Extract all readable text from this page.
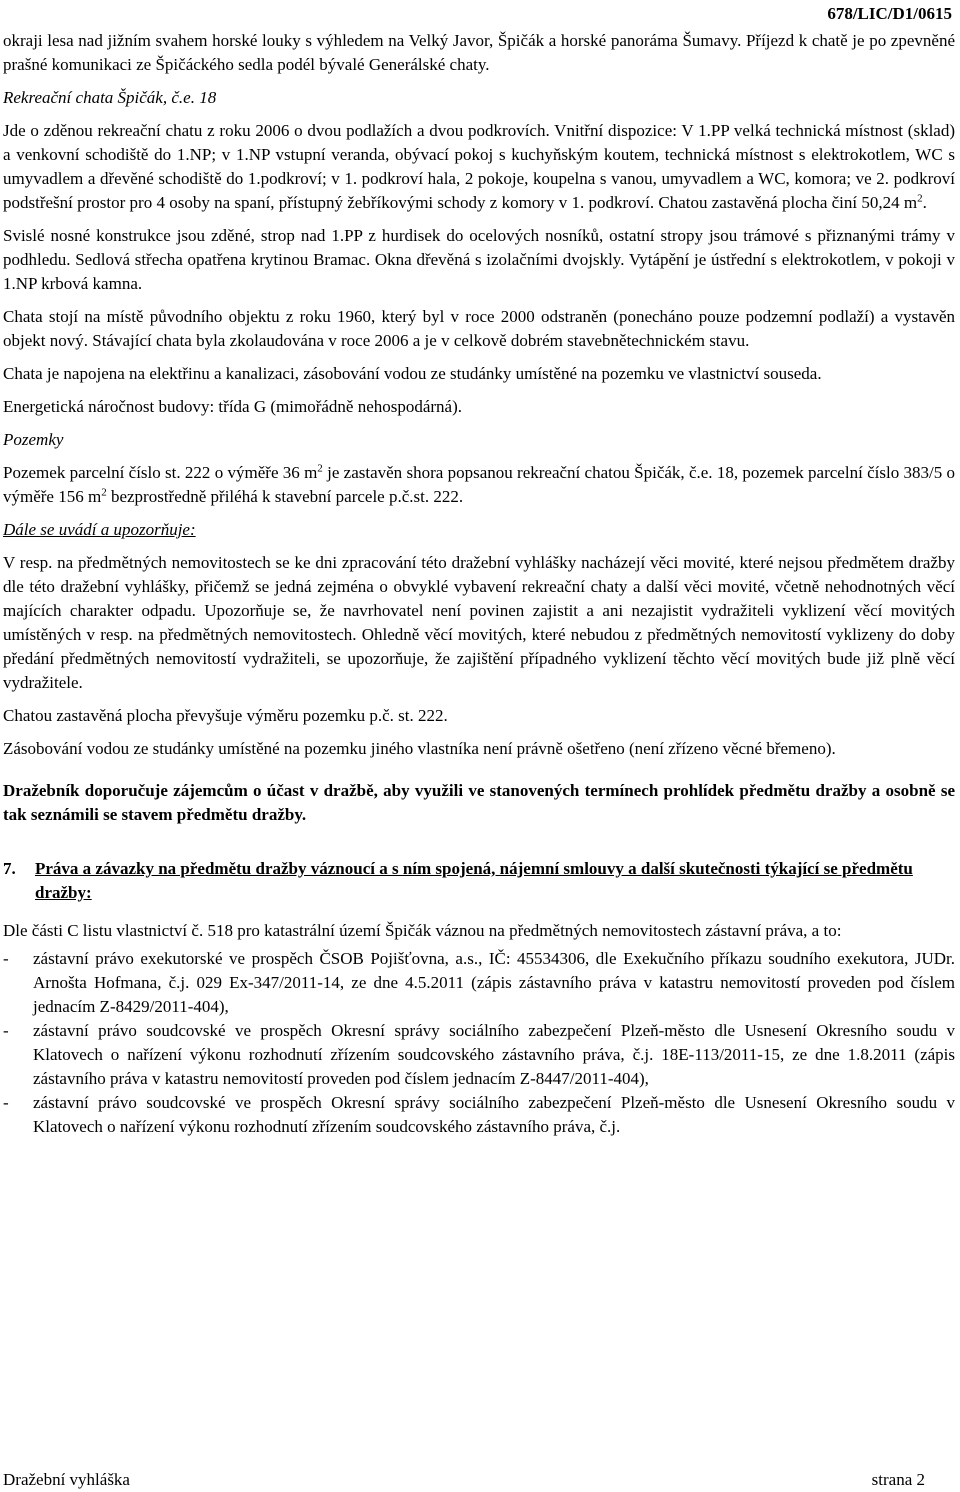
678/LIC/D1/0615

okraji lesa nad jižním svahem horské louky s výhledem na Velký Javor, Špičák a horské panoráma Šumavy. Příjezd k chatě je po zpevněné prašné komunikaci ze Špičáckého sedla podél bývalé Generálské chaty.

Rekreační chata Špičák, č.e. 18

Jde o zděnou rekreační chatu z roku 2006 o dvou podlažích a dvou podkrovích. Vnitřní dispozice: V 1.PP velká technická místnost (sklad) a venkovní schodiště do 1.NP; v 1.NP vstupní veranda, obývací pokoj s kuchyňským koutem, technická místnost s elektrokotlem, WC s umyvadlem a dřevěné schodiště do 1.podkroví; v 1. podkroví hala, 2 pokoje, koupelna s vanou, umyvadlem a WC, komora; ve 2. podkroví podstřešní prostor pro 4 osoby na spaní, přístupný žebříkovými schody z komory v 1. podkroví. Chatou zastavěná plocha činí 50,24 $m^2$.

Svislé nosné konstrukce jsou zděné, strop nad 1.PP z hurdisek do ocelových nosníků, ostatní stropy jsou trámové s přiznanými trámy v podhledu. Sedlová střecha opatřena krytinou Bramac. Okna dřevěná s izolačními dvojskly. Vytápění je ústřední s elektrokotlem, v pokoji v 1.NP krbová kamna.

Chata stojí na místě původního objektu z roku 1960, který byl v roce 2000 odstraněn (ponecháno pouze podzemní podlaží) a vystavěn objekt nový. Stávající chata byla zkolaudována v roce 2006 a je v celkově dobrém stavebnětechnickém stavu.

Chata je napojena na elektřinu a kanalizaci, zásobování vodou ze studánky umístěné na pozemku ve vlastnictví souseda.

Energetická náročnost budovy: třída G (mimořádně nehospodárná).

Pozemky

Pozemek parcelní číslo st. 222 o výměře 36 $m^2$ je zastavěn shora popsanou rekreační chatou Špičák, č.e. 18, pozemek parcelní číslo 383/5 o výměře 156 $m^2$ bezprostředně přiléhá k stavební parcele p.č.st. 222.

Dále se uvádí a upozorňuje:

V resp. na předmětných nemovitostech se ke dni zpracování této dražební vyhlášky nacházejí věci movité, které nejsou předmětem dražby dle této dražební vyhlášky, přičemž se jedná zejména o obvyklé vybavení rekreační chaty a další věci movité, včetně nehodnotných věcí majících charakter odpadu. Upozorňuje se, že navrhovatel není povinen zajistit a ani nezajistit vydražiteli vyklizení věcí movitých umístěných v resp. na předmětných nemovitostech. Ohledně věcí movitých, které nebudou z předmětných nemovitostí vyklizeny do doby předání předmětných nemovitostí vydražiteli, se upozorňuje, že zajištění případného vyklizení těchto věcí movitých bude již plně věcí vydražitele.

Chatou zastavěná plocha převyšuje výměru pozemku p.č. st. 222.

Zásobování vodou ze studánky umístěné na pozemku jiného vlastníka není právně ošetřeno (není zřízeno věcné břemeno).

Dražebník doporučuje zájemcům o účast v dražbě, aby využili ve stanovených termínech prohlídek předmětu dražby a osobně se tak seznámili se stavem předmětu dražby.

7.	Práva a závazky na předmětu dražby váznoucí a s ním spojená, nájemní smlouvy a další skutečnosti týkající se předmětu dražby:

Dle části C listu vlastnictví č. 518 pro katastrální území Špičák váznou na předmětných nemovitostech zástavní práva, a to:

-	zástavní právo exekutorské ve prospěch ČSOB Pojišťovna, a.s., IČ: 45534306, dle Exekučního příkazu soudního exekutora, JUDr. Arnošta Hofmana, č.j. 029 Ex-347/2011-14, ze dne 4.5.2011 (zápis zástavního práva v katastru nemovitostí proveden pod číslem jednacím Z-8429/2011-404),
-	zástavní právo soudcovské ve prospěch Okresní správy sociálního zabezpečení Plzeň-město dle Usnesení Okresního soudu v Klatovech o nařízení výkonu rozhodnutí zřízením soudcovského zástavního práva, č.j. 18E-113/2011-15, ze dne 1.8.2011 (zápis zástavního práva v katastru nemovitostí proveden pod číslem jednacím Z-8447/2011-404),
-	zástavní právo soudcovské ve prospěch Okresní správy sociálního zabezpečení Plzeň-město dle Usnesení Okresního soudu v Klatovech o nařízení výkonu rozhodnutí zřízením soudcovského zástavního práva, č.j.
Dražební vyhláška	strana 2
